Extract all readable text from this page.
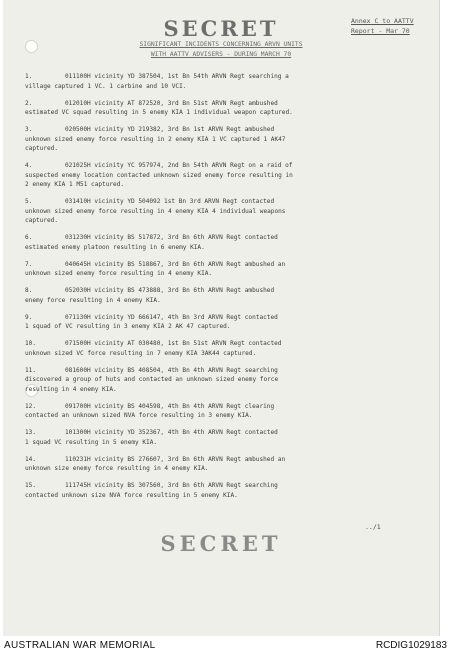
SECRET	Annex C to AATTV
Report - Mar 70
SIGNIFICANT INCIDENTS CONCERNING ARVN UNITS
WITH AATTV ADVISERS - DURING MARCH 70
1.	011100H vicinity YD 387504, 1st Bn 54th ARVN Regt searching a
village captured 1 VC. 1 carbine and 10 VCI.
2.	012010H vicinity AT 872520, 3rd Bn 51st ARVN Regt ambushed
estimated VC squad resulting in 5 enemy KIA 1 individual weapon captured.
3.	020500H vicinity YD 219382, 3rd Bn 1st ARVN Regt ambushed
unknown sized enemy force resulting in 2 enemy KIA 1 VC captured 1 AK47
captured.
4.	021025H vicinity YC 957974, 2nd Bn 54th ARVN Regt on a raid of
suspected enemy location contacted unknown sized enemy force resulting in
2 enemy KIA 1 M51 captured.
5.	031410H vicinity YD 504092 1st Bn 3rd ARVN Regt contacted
unknown sized enemy force resulting in 4 enemy KIA 4 individual weapons
captured.
6.	031230H vicinity BS 517872, 3rd Bn 6th ARVN Regt contacted
estimated enemy platoon resulting in 6 enemy KIA.
7.	040645H vicinity BS 518867, 3rd Bn 6th ARVN Regt ambushed an
unknown sized enemy force resulting in 4 enemy KIA.
8.	052030H vicinity BS 473888, 3rd Bn 6th ARVN Regt ambushed
enemy force resulting in 4 enemy KIA.
9.	071130H vicinity YD 666147, 4th Bn 3rd ARVN Regt contacted
1 squad of VC resulting in 3 enemy KIA 2 AK 47 captured.
10.	071500H vicinity AT 030480, 1st Bn 51st ARVN Regt contacted
unknown sized VC force resulting in 7 enemy KIA 3AK44 captured.
11.	081600H vicinity BS 408504, 4th Bn 4th ARVN Regt searching
discovered a group of huts and contacted an unknown sized enemy force
resulting in 4 enemy KIA.
12.	091700H vicinity BS 404598, 4th Bn 4th ARVN Regt clearing
contacted an unknown sized NVA force resulting in 3 enemy KIA.
13.	101300H vicinity YD 352367, 4th Bn 4th ARVN Regt contacted
1 squad VC resulting in 5 enemy KIA.
14.	110231H vicinity BS 276607, 3rd Bn 6th ARVN Regt ambushed an
unknown size enemy force resulting in 4 enemy KIA.
15.	111745H vicinity BS 307560, 3rd Bn 6th ARVN Regt searching
contacted unknown size NVA force resulting in 5 enemy KIA.
../1
SECRET
AUSTRALIAN WAR MEMORIAL	RCDIG1029183
